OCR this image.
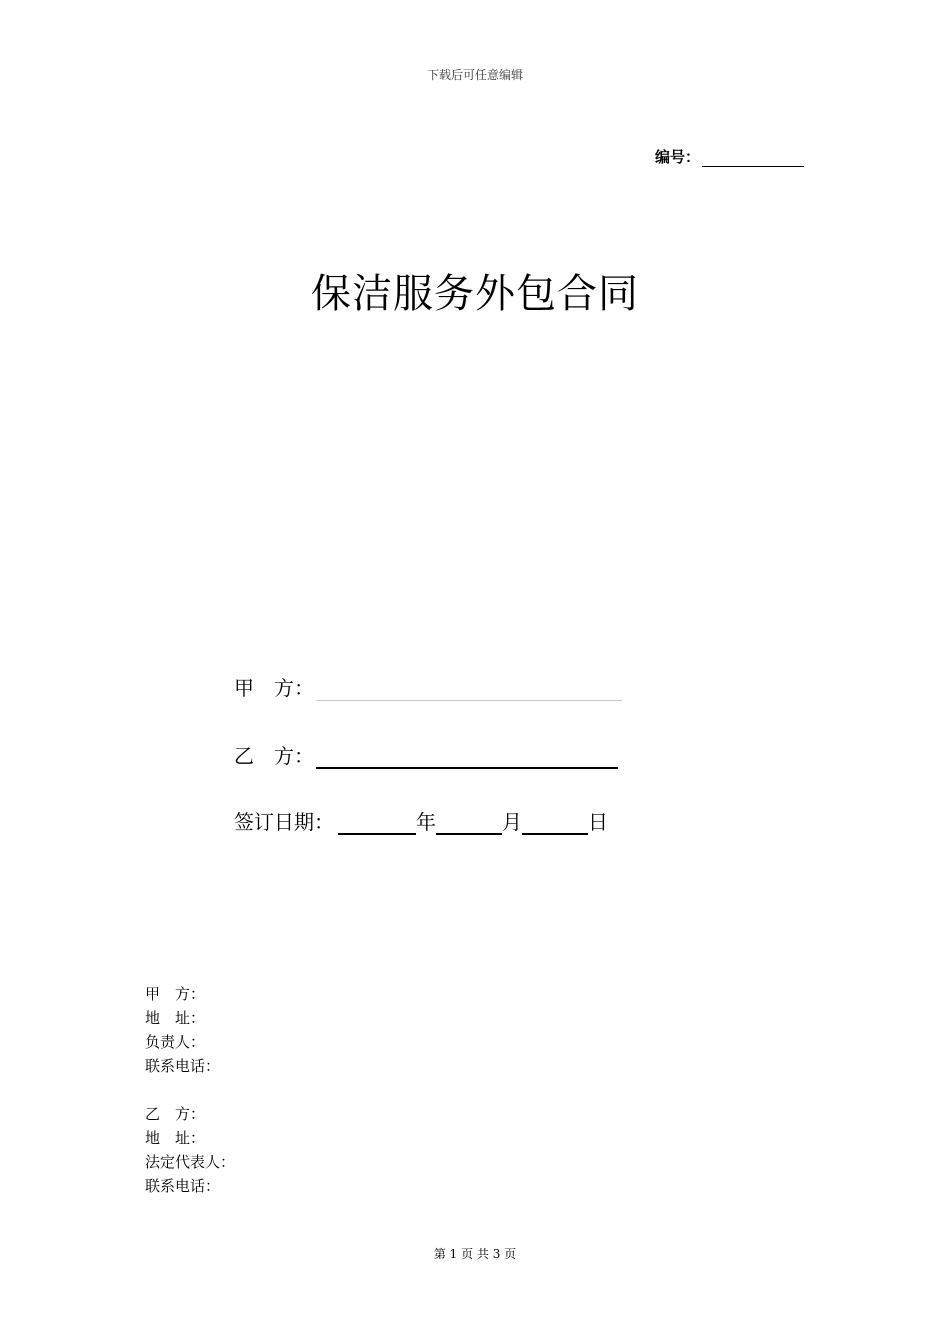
下载后可任意编辑
编号：
保洁服务外包合同
甲　方：
乙　方：
签订日期：	年	月	日
甲　方：
地　址：
负责人：
联系电话：
乙　方：
地　址：
法定代表人：
联系电话：
第 1 页 共 3 页
